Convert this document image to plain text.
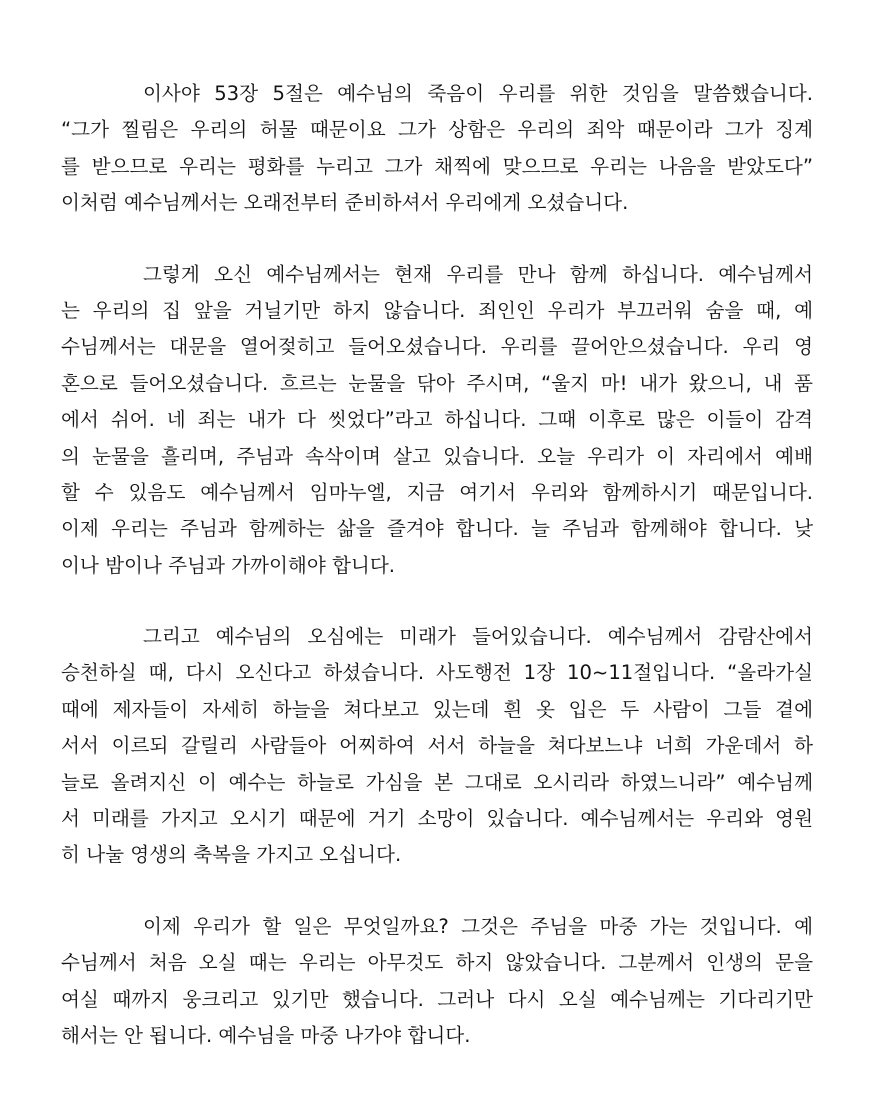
이사야 53장 5절은 예수님의 죽음이 우리를 위한 것임을 말씀했습니다.
“그가 찔림은 우리의 허물 때문이요 그가 상함은 우리의 죄악 때문이라 그가 징계
를 받으므로 우리는 평화를 누리고 그가 채찍에 맞으므로 우리는 나음을 받았도다”
이처럼 예수님께서는 오래전부터 준비하셔서 우리에게 오셨습니다.
그렇게 오신 예수님께서는 현재 우리를 만나 함께 하십니다. 예수님께서
는 우리의 집 앞을 거닐기만 하지 않습니다. 죄인인 우리가 부끄러워 숨을 때, 예
수님께서는 대문을 열어젖히고 들어오셨습니다. 우리를 끌어안으셨습니다. 우리 영
혼으로 들어오셨습니다. 흐르는 눈물을 닦아 주시며, “울지 마! 내가 왔으니, 내 품
에서 쉬어. 네 죄는 내가 다 씻었다”라고 하십니다. 그때 이후로 많은 이들이 감격
의 눈물을 흘리며, 주님과 속삭이며 살고 있습니다. 오늘 우리가 이 자리에서 예배
할 수 있음도 예수님께서 임마누엘, 지금 여기서 우리와 함께하시기 때문입니다.
이제 우리는 주님과 함께하는 삶을 즐겨야 합니다. 늘 주님과 함께해야 합니다. 낮
이나 밤이나 주님과 가까이해야 합니다.
그리고 예수님의 오심에는 미래가 들어있습니다. 예수님께서 감람산에서
승천하실 때, 다시 오신다고 하셨습니다. 사도행전 1장 10~11절입니다. “올라가실
때에 제자들이 자세히 하늘을 쳐다보고 있는데 흰 옷 입은 두 사람이 그들 곁에
서서 이르되 갈릴리 사람들아 어찌하여 서서 하늘을 쳐다보느냐 너희 가운데서 하
늘로 올려지신 이 예수는 하늘로 가심을 본 그대로 오시리라 하였느니라” 예수님께
서 미래를 가지고 오시기 때문에 거기 소망이 있습니다. 예수님께서는 우리와 영원
히 나눌 영생의 축복을 가지고 오십니다.
이제 우리가 할 일은 무엇일까요? 그것은 주님을 마중 가는 것입니다. 예
수님께서 처음 오실 때는 우리는 아무것도 하지 않았습니다. 그분께서 인생의 문을
여실 때까지 웅크리고 있기만 했습니다. 그러나 다시 오실 예수님께는 기다리기만
해서는 안 됩니다. 예수님을 마중 나가야 합니다.
